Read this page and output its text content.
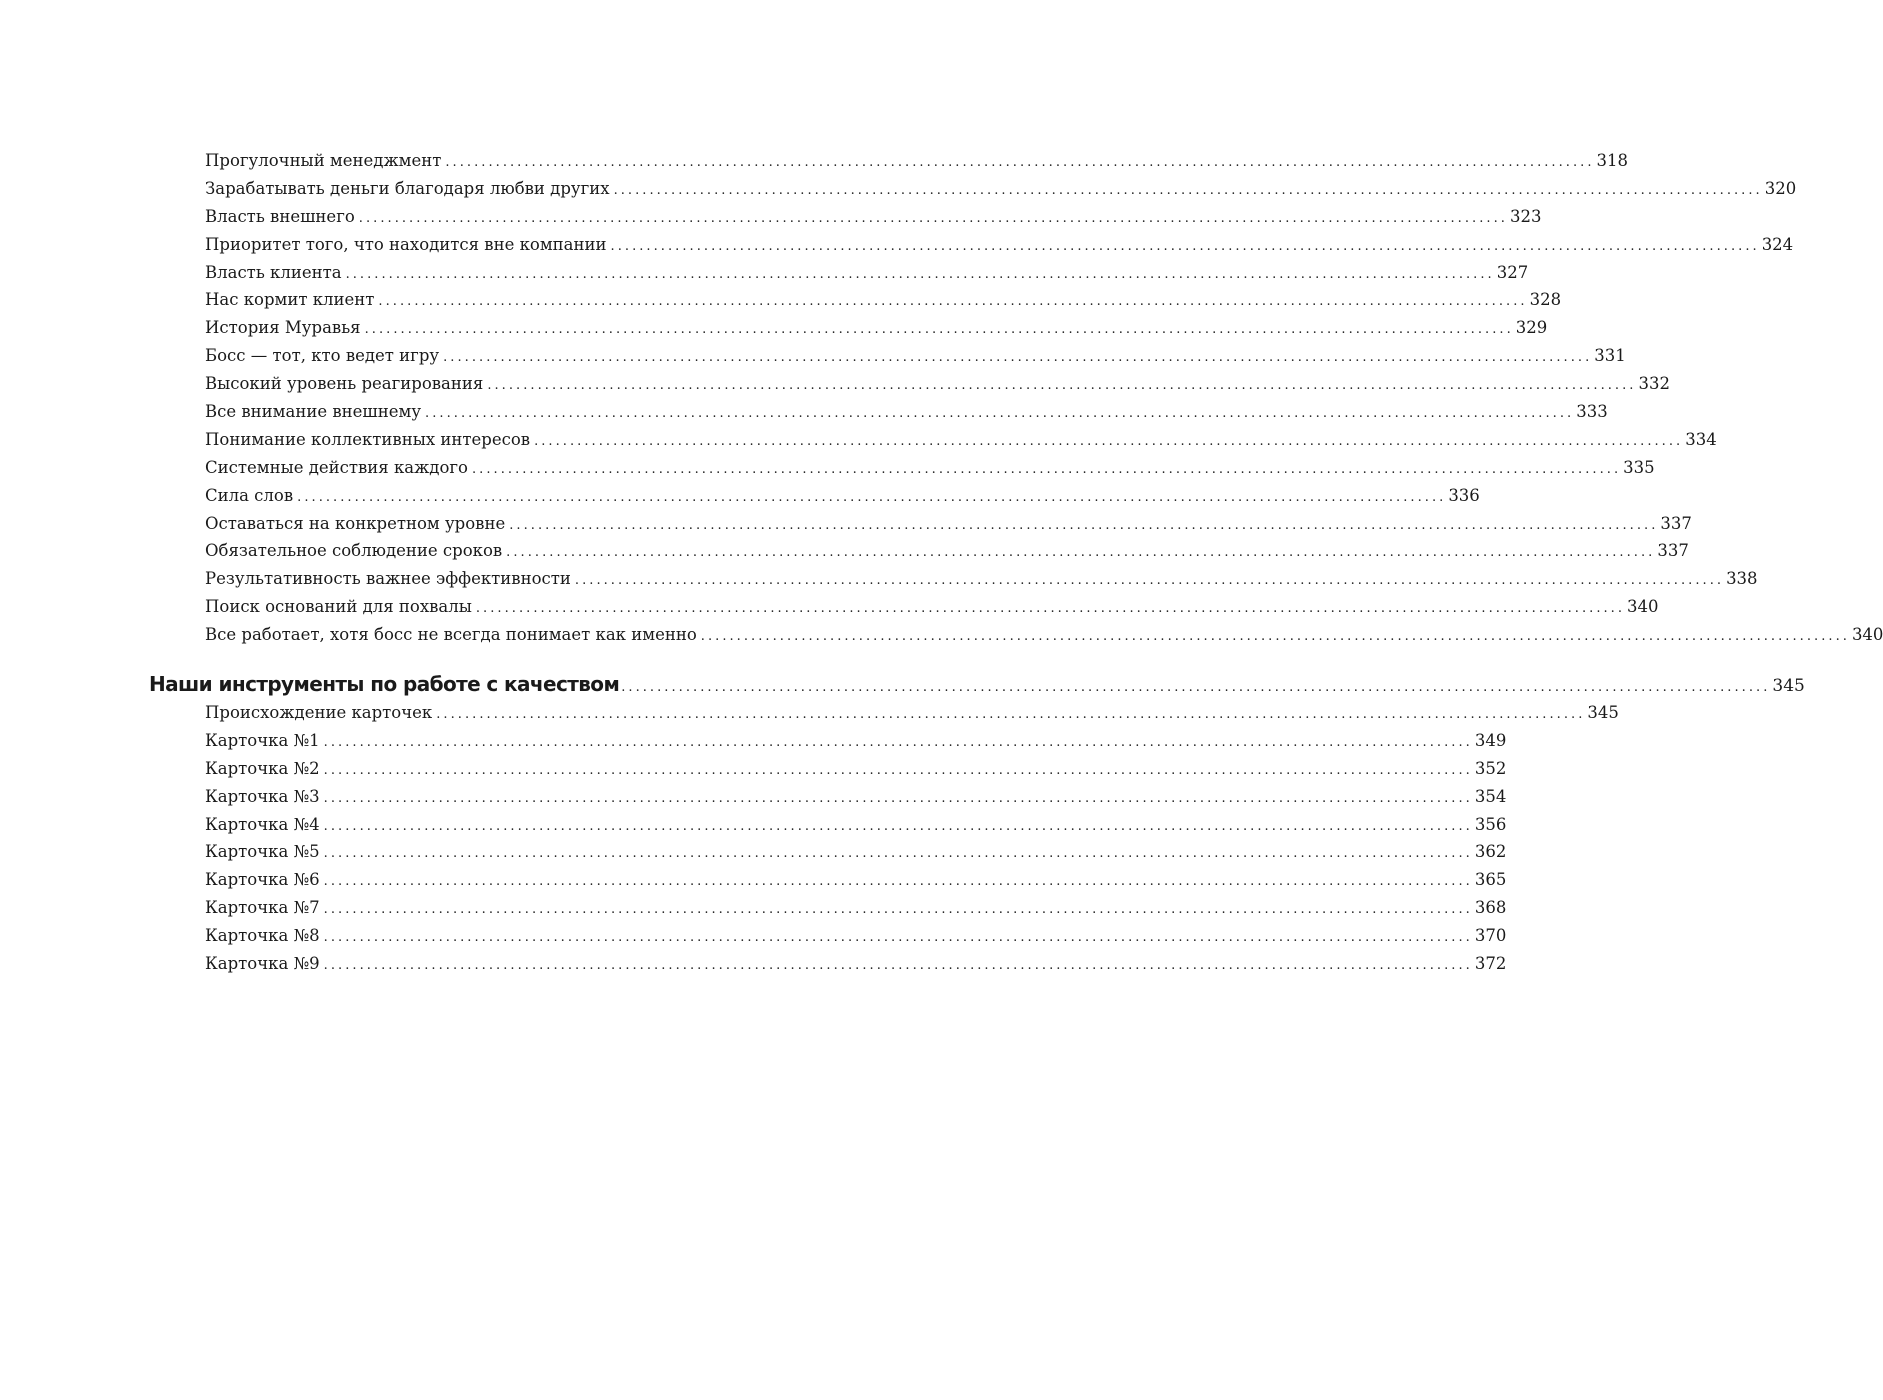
Прогулочный менеджмент ................................................................................................................................................................ 318
Зарабатывать деньги благодаря любви других ................................................................................................................................................................ 320
Власть внешнего ................................................................................................................................................................ 323
Приоритет того, что находится вне компании ................................................................................................................................................................ 324
Власть клиента ................................................................................................................................................................ 327
Нас кормит клиент ................................................................................................................................................................ 328
История Муравья ................................................................................................................................................................ 329
Босс — тот, кто ведет игру ................................................................................................................................................................ 331
Высокий уровень реагирования ................................................................................................................................................................ 332
Все внимание внешнему ................................................................................................................................................................ 333
Понимание коллективных интересов ................................................................................................................................................................ 334
Системные действия каждого ................................................................................................................................................................ 335
Сила слов ................................................................................................................................................................ 336
Оставаться на конкретном уровне ................................................................................................................................................................ 337
Обязательное соблюдение сроков ................................................................................................................................................................ 337
Результативность важнее эффективности ................................................................................................................................................................ 338
Поиск оснований для похвалы ................................................................................................................................................................ 340
Все работает, хотя босс не всегда понимает как именно ................................................................................................................................................................ 340
Наши инструменты по работе с качеством ................................................................................................................................................................ 345
Происхождение карточек ................................................................................................................................................................ 345
Карточка №1 ................................................................................................................................................................ 349
Карточка №2 ................................................................................................................................................................ 352
Карточка №3 ................................................................................................................................................................ 354
Карточка №4 ................................................................................................................................................................ 356
Карточка №5 ................................................................................................................................................................ 362
Карточка №6 ................................................................................................................................................................ 365
Карточка №7 ................................................................................................................................................................ 368
Карточка №8 ................................................................................................................................................................ 370
Карточка №9 ................................................................................................................................................................ 372
